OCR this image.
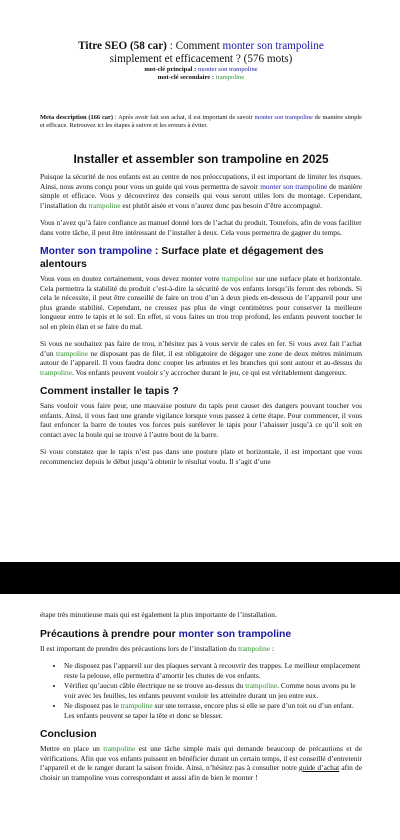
Titre SEO (58 car) : Comment monter son trampoline
simplement et efficacement ? (576 mots)
mot-clé principal : monter son trampoline
mot-clé secondaire : trampoline
Meta description (166 car) : Après avoir fait son achat, il est important de savoir monter son trampoline de manière simple et efficace. Retrouvez ici les étapes à suivre et les erreurs à éviter.
Installer et assembler son trampoline en 2025

Puisque la sécurité de nos enfants est au centre de nos préoccupations, il est important de limiter les risques. Ainsi, nous avons conçu pour vous un guide qui vous permettra de savoir monter son trampoline de manière simple et efficace. Vous y découvrirez des conseils qui vous seront utiles lors du montage. Cependant, l’installation du trampoline est plutôt aisée et vous n’aurez donc pas besoin d’être accompagné.

Vous n’avez qu’à faire confiance au manuel donné lors de l’achat du produit. Toutefois, afin de vous faciliter dans votre tâche, il peut être intéressant de l’installer à deux. Cela vous permettra de gagner du temps.

Monter son trampoline : Surface plate et dégagement des alentours

Vous vous en doutez certainement, vous devez monter votre trampoline sur une surface plate et horizontale. Cela permettra la stabilité du produit c’est-à-dire la sécurité de vos enfants lorsqu’ils feront des rebonds. Si cela le nécessite, il peut être conseillé de faire un trou d’un à deux pieds en-dessous de l’appareil pour une plus grande stabilité. Cependant, ne creusez pas plus de vingt centimètres pour conserver la meilleure longueur entre le tapis et le sol. En effet, si vous faites un trou trop profond, les enfants peuvent toucher le sol en plein élan et se faire du mal.

Si vous ne souhaitez pas faire de trou, n’hésitez pas à vous servir de cales en fer. Si vous avez fait l’achat d’un trampoline ne disposant pas de filet, il est obligatoire de dégager une zone de deux mètres minimum autour de l’appareil. Il vous faudra donc couper les arbustes et les branches qui sont autour et au-dessus du trampoline. Vos enfants peuvent vouloir s’y accrocher durant le jeu, ce qui est véritablement dangereux.

Comment installer le tapis ?

Sans vouloir vous faire peur, une mauvaise posture du tapis peut causer des dangers pouvant toucher vos enfants. Ainsi, il vous faut une grande vigilance lorsque vous passez à cette étape. Pour commencer, il vous faut enfoncer la barre de toutes vos forces puis surélever le tapis pour l’abaisser jusqu’à ce qu’il soit en contact avec la boule qui se trouve à l’autre bout de la barre.

Si vous constatez que le tapis n’est pas dans une posture plate et horizontale, il est important que vous recommenciez depuis le début jusqu’à obtenir le résultat voulu. Il s’agit d’une

étape très minutieuse mais qui est également la plus importante de l’installation.

Précautions à prendre pour monter son trampoline

Il est important de prendre des précautions lors de l’installation du trampoline :

• Ne disposez pas l’appareil sur des plaques servant à recouvrir des trappes. Le meilleur emplacement reste la pelouse, elle permettra d’amortir les chutes de vos enfants.
• Vérifiez qu’aucun câble électrique ne se trouve au-dessus du trampoline. Comme nous avons pu le voir avec les feuilles, les enfants peuvent vouloir les atteindre durant un jeu entre eux.
• Ne disposez pas le trampoline sur une terrasse, encore plus si elle se pare d’un toit ou d’un enfant. Les enfants peuvent se taper la tête et donc se blesser.
Conclusion

Mettre en place un trampoline est une tâche simple mais qui demande beaucoup de précautions et de vérifications. Afin que vos enfants puissent en bénéficier durant un certain temps, il est conseillé d’entretenir l’appareil et de le ranger durant la saison froide. Ainsi, n’hésitez pas à consulter notre guide d’achat afin de choisir un trampoline vous correspondant et aussi afin de bien le monter !
